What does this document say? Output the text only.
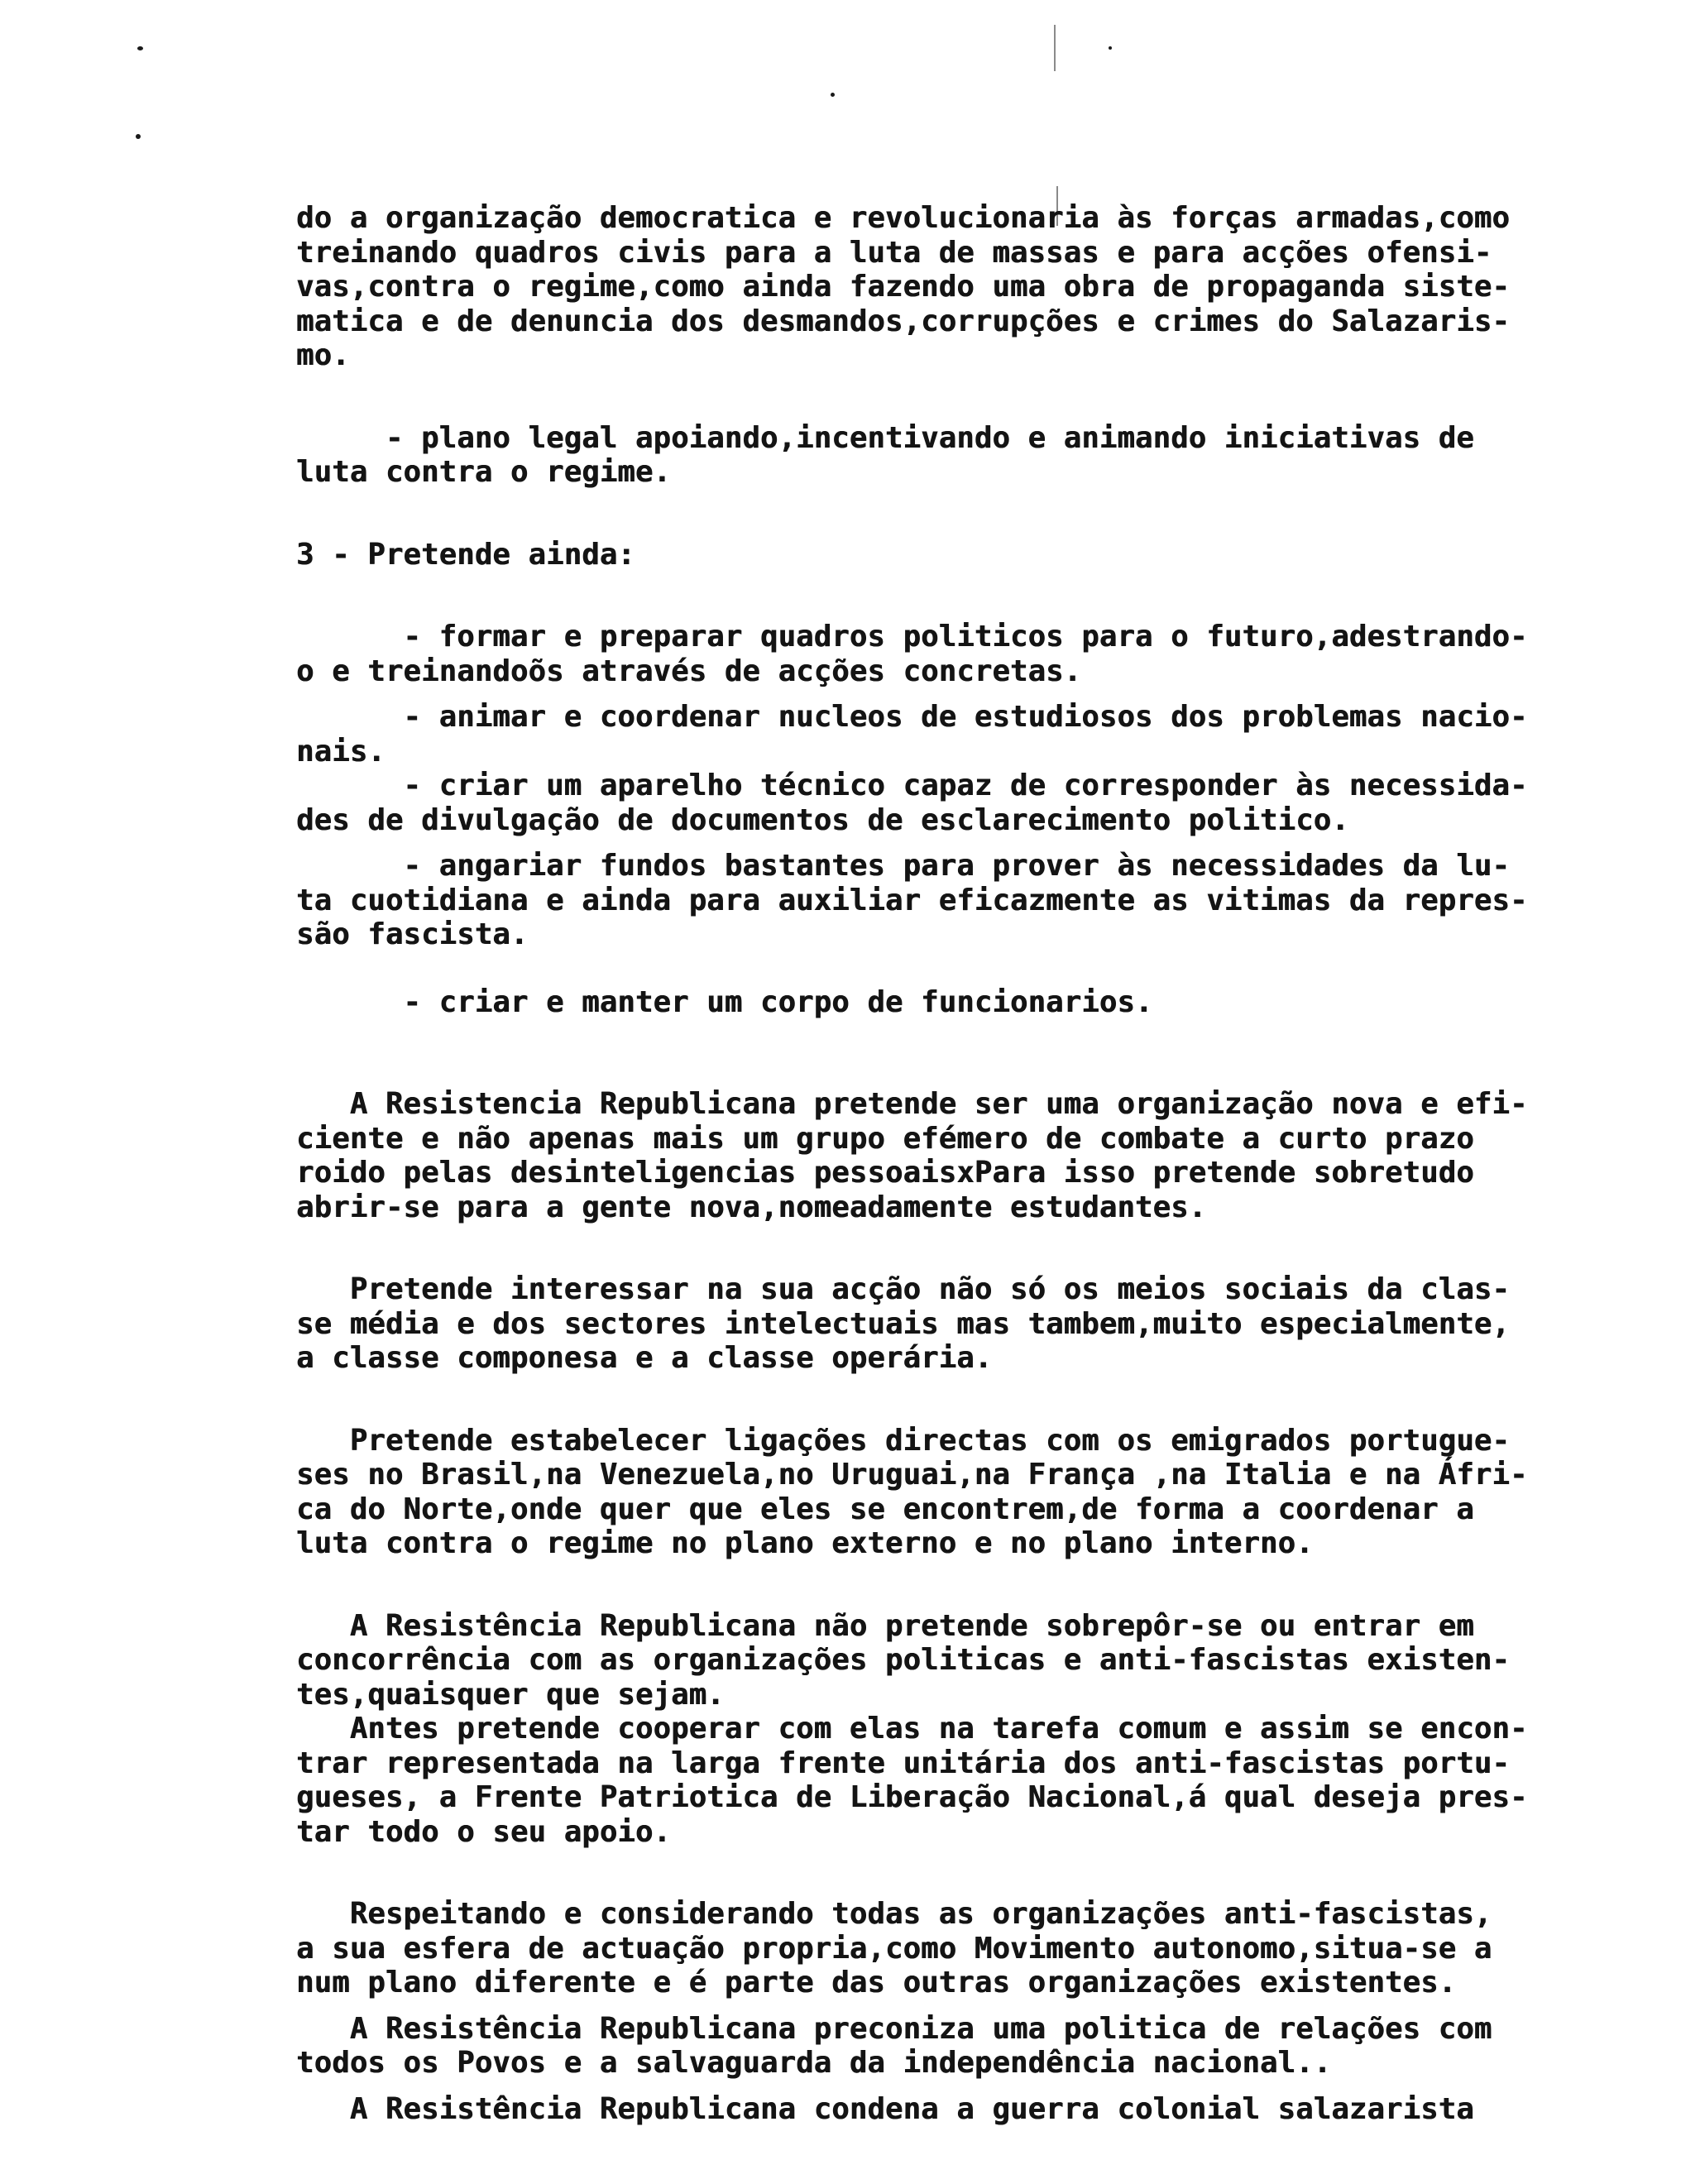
do a organização democratica e revolucionaria às forças armadas,como
treinando quadros civis para a luta de massas e para acções ofensi-
vas,contra o regime,como ainda fazendo uma obra de propaganda siste-
matica e de denuncia dos desmandos,corrupções e crimes do Salazaris-
mo.
- plano legal apoiando,incentivando e animando iniciativas de
luta contra o regime.
3 - Pretende ainda:
- formar e preparar quadros politicos para o futuro,adestrando-
o e treinandoõs através de acções concretas.
- animar e coordenar nucleos de estudiosos dos problemas nacio-
nais.
- criar um aparelho técnico capaz de corresponder às necessida-
des de divulgação de documentos de esclarecimento politico.
- angariar fundos bastantes para prover às necessidades da lu-
ta cuotidiana e ainda para auxiliar eficazmente as vitimas da repres-
são fascista.
- criar e manter um corpo de funcionarios.
A Resistencia Republicana pretende ser uma organização nova e efi-
ciente e não apenas mais um grupo efémero de combate a curto prazo
roido pelas desinteligencias pessoaisxPara isso pretende sobretudo
abrir-se para a gente nova,nomeadamente estudantes.
Pretende interessar na sua acção não só os meios sociais da clas-
se média e dos sectores intelectuais mas tambem,muito especialmente,
a classe componesa e a classe operária.
Pretende estabelecer ligações directas com os emigrados portugue-
ses no Brasil,na Venezuela,no Uruguai,na França ,na Italia e na Áfri-
ca do Norte,onde quer que eles se encontrem,de forma a coordenar a
luta contra o regime no plano externo e no plano interno.
A Resistência Republicana não pretende sobrepôr-se ou entrar em
concorrência com as organizações politicas e anti-fascistas existen-
tes,quaisquer que sejam.
Antes pretende cooperar com elas na tarefa comum e assim se encon-
trar representada na larga frente unitária dos anti-fascistas portu-
gueses, a Frente Patriotica de Liberação Nacional,á qual deseja pres-
tar todo o seu apoio.
Respeitando e considerando todas as organizações anti-fascistas,
a sua esfera de actuação propria,como Movimento autonomo,situa-se a
num plano diferente e é parte das outras organizações existentes.
A Resistência Republicana preconiza uma politica de relações com
todos os Povos e a salvaguarda da independência nacional..
A Resistência Republicana condena a guerra colonial salazarista
